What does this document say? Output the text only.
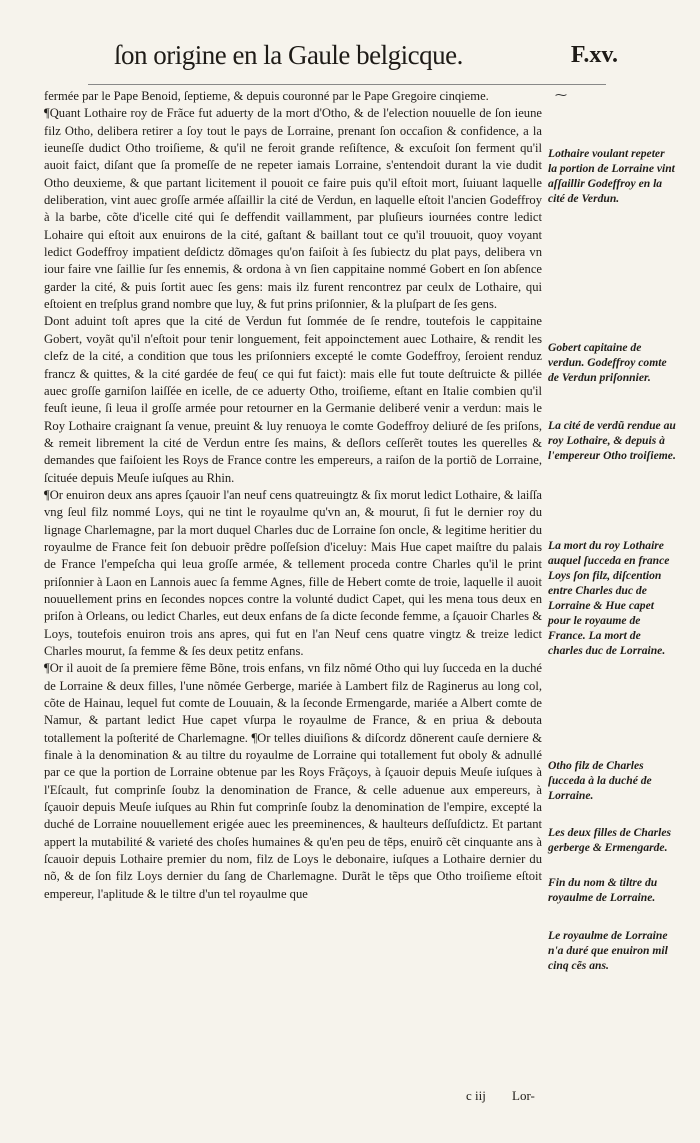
ſon origine en la Gaule belgicque.	F.xv.
⁓

fermée par le Pape Benoid, ſeptieme, & depuis couronné par le Pape Gregoire cinqieme.

¶Quant Lothaire roy de Frãce fut aduerty de la mort d'Otho, & de l'election nouuelle de ſon ieune filz Otho, delibera retirer a ſoy tout le pays de Lorraine, prenant ſon occaſion & confidence, a la ieuneſſe dudict Otho troiſieme, & qu'il ne feroit grande reſiſtence, & excuſoit ſon ferment qu'il auoit faict, diſant que ſa promeſſe de ne repeter iamais Lorraine, s'entendoit durant la vie dudit Otho deuxieme, & que partant licitement il pouoit ce faire puis qu'il eſtoit mort, ſuiuant laquelle deliberation, vint auec groſſe armée aſſaillir la cité de Verdun, en laquelle eſtoit l'ancien Godeffroy à la barbe, cõte d'icelle cité qui ſe deffendit vaillamment, par pluſieurs iournées contre ledict Lohaire qui eſtoit aux enuirons de la cité, gaſtant & baillant tout ce qu'il trouuoit, quoy voyant ledict Godeffroy impatient deſdictz dõmages qu'on faiſoit à ſes ſubiectz du plat pays, delibera vn iour faire vne ſaillie ſur ſes ennemis, & ordona à vn ſien cappitaine nommé Gobert en ſon abſence garder la cité, & puis ſortit auec ſes gens: mais ilz furent rencontrez par ceulx de Lothaire, qui eſtoient en treſplus grand nombre que luy, & fut prins priſonnier, & la pluſpart de ſes gens.

Dont aduint toſt apres que la cité de Verdun fut ſommée de ſe rendre, toutefois le cappitaine Gobert, voyãt qu'il n'eſtoit pour tenir longuement, feit appoinctement auec Lothaire, & rendit les clefz de la cité, a condition que tous les priſonniers excepté le comte Godeffroy, ſeroient renduz francz & quittes, & la cité gardée de feu( ce qui fut faict): mais elle fut toute deſtruicte & pillée auec groſſe garniſon laiſſée en icelle, de ce aduerty Otho, troiſieme, eſtant en Italie combien qu'il feuſt ieune, ſi leua il groſſe armée pour retourner en la Germanie deliberé venir a verdun: mais le Roy Lothaire craignant ſa venue, preuint & luy renuoya le comte Godeffroy deliuré de ſes priſons, & remeit librement la cité de Verdun entre ſes mains, & deſlors ceſſerẽt toutes les querelles & demandes que faiſoient les Roys de France contre les empereurs, a raiſon de la portiõ de Lorraine, ſcituée depuis Meuſe iuſques au Rhin.

¶Or enuiron deux ans apres ſçauoir l'an neuf cens quatreuingtz & ſix morut ledict Lothaire, & laiſſa vng ſeul filz nommé Loys, qui ne tint le royaulme qu'vn an, & mourut, ſi fut le dernier roy du lignage Charlemagne, par la mort duquel Charles duc de Lorraine ſon oncle, & legitime heritier du royaulme de France feit ſon debuoir prẽdre poſſeſsion d'iceluy: Mais Hue capet maiſtre du palais de France l'empeſcha qui leua groſſe armée, & tellement proceda contre Charles qu'il le print priſonnier à Laon en Lannois auec ſa femme Agnes, fille de Hebert comte de troie, laquelle il auoit nouuellement prins en ſecondes nopces contre la volunté dudict Capet, qui les mena tous deux en priſon à Orleans, ou ledict Charles, eut deux enfans de ſa dicte ſeconde femme, a ſçauoir Charles & Loys, toutefois enuiron trois ans apres, qui fut en l'an Neuf cens quatre vingtz & treize ledict Charles mourut, ſa femme & ſes deux petitz enfans.

¶Or il auoit de ſa premiere fẽme Bõne, trois enfans, vn filz nõmé Otho qui luy ſucceda en la duché de Lorraine & deux filles, l'une nõmée Gerberge, mariée à Lambert filz de Raginerus au long col, cõte de Hainau, lequel fut comte de Louuain, & la ſeconde Ermengarde, mariée a Albert comte de Namur, & partant ledict Hue capet vſurpa le royaulme de France, & en priua & debouta totallement la poſterité de Charlemagne. ¶Or telles diuiſions & diſcordz dõnerent cauſe derniere & finale à la denomination & au tiltre du royaulme de Lorraine qui totallement fut oboly & adnullé par ce que la portion de Lorraine obtenue par les Roys Frãçoys, à ſçauoir depuis Meuſe iuſques à l'Eſcault, fut comprinſe ſoubz la denomination de France, & celle aduenue aux empereurs, à ſçauoir depuis Meuſe iuſques au Rhin fut comprinſe ſoubz la denomination de l'empire, excepté la duché de Lorraine nouuellement erigée auec les preeminences, & haulteurs deſſuſdictz. Et partant appert la mutabilité & varieté des choſes humaines & qu'en peu de tẽps, enuirõ cẽt cinquante ans à ſcauoir depuis Lothaire premier du nom, filz de Loys le debonaire, iuſques a Lothaire dernier du nõ, & de ſon filz Loys dernier du ſang de Charlemagne. Durãt le tẽps que Otho troiſieme eſtoit empereur, l'aplitude & le tiltre d'un tel royaulme que

Lothaire voulant repeter la portion de Lorraine vint aſſaillir Godeffroy en la cité de Verdun.
Gobert capitaine de verdun. Godeffroy comte de Verdun priſonnier.
La cité de verdũ rendue au roy Lothaire, & depuis à l'empereur Otho troiſieme.
La mort du roy Lothaire auquel ſucceda en france Loys ſon filz, diſcention entre Charles duc de Lorraine & Hue capet pour le royaume de France. La mort de charles duc de Lorraine.
Otho filz de Charles ſucceda à la duché de Lorraine.
Les deux filles de Charles gerberge & Ermengarde.
Fin du nom & tiltre du royaulme de Lorraine.
Le royaulme de Lorraine n'a duré que enuiron mil cinq cẽs ans.
c iij Lor-
